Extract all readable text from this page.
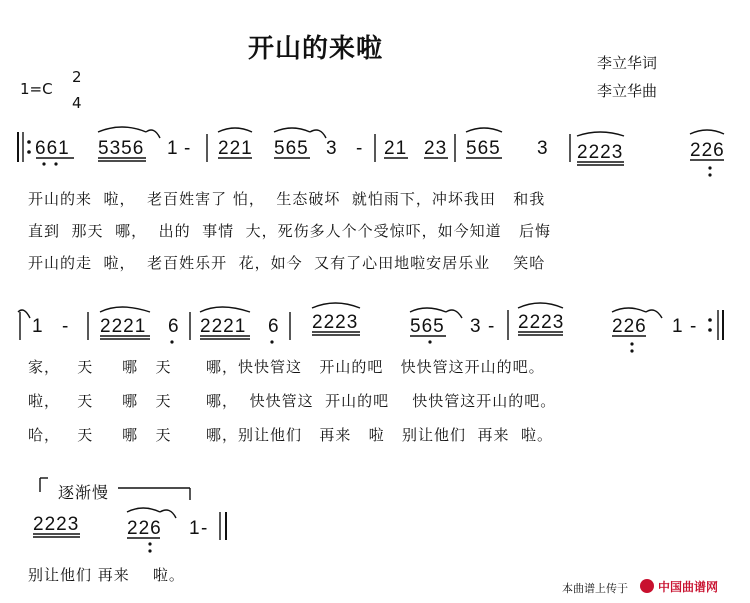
开山的来啦	李立华词
李立华曲
1=C
2
4
661 5356 1 - 221 565 3 - 21 23 565 3 2223	226
开山的来  啦，  老百姓害了 怕，  生态破坏  就怕雨下，冲坏我田   和我
直到  那天  哪，  出的  事情  大，死伤多人个个受惊吓，如今知道   后悔
开山的走  啦，  老百姓乐开  花，如今  又有了心田地啦安居乐业    笑哈
1 - 2221 6 2221 6 2223	565 3 - 2223	226 1 -
家，   天     哪   天      哪，快快管这   开山的吧   快快管这开山的吧。
啦，   天     哪   天      哪，  快快管这  开山的吧    快快管这开山的吧。
哈，   天     哪   天      哪，别让他们   再来   啦   别让他们  再来  啦。
逐渐慢
2223	226 1 -
别让他们 再来    啦。
本曲谱上传于	中国曲谱网
